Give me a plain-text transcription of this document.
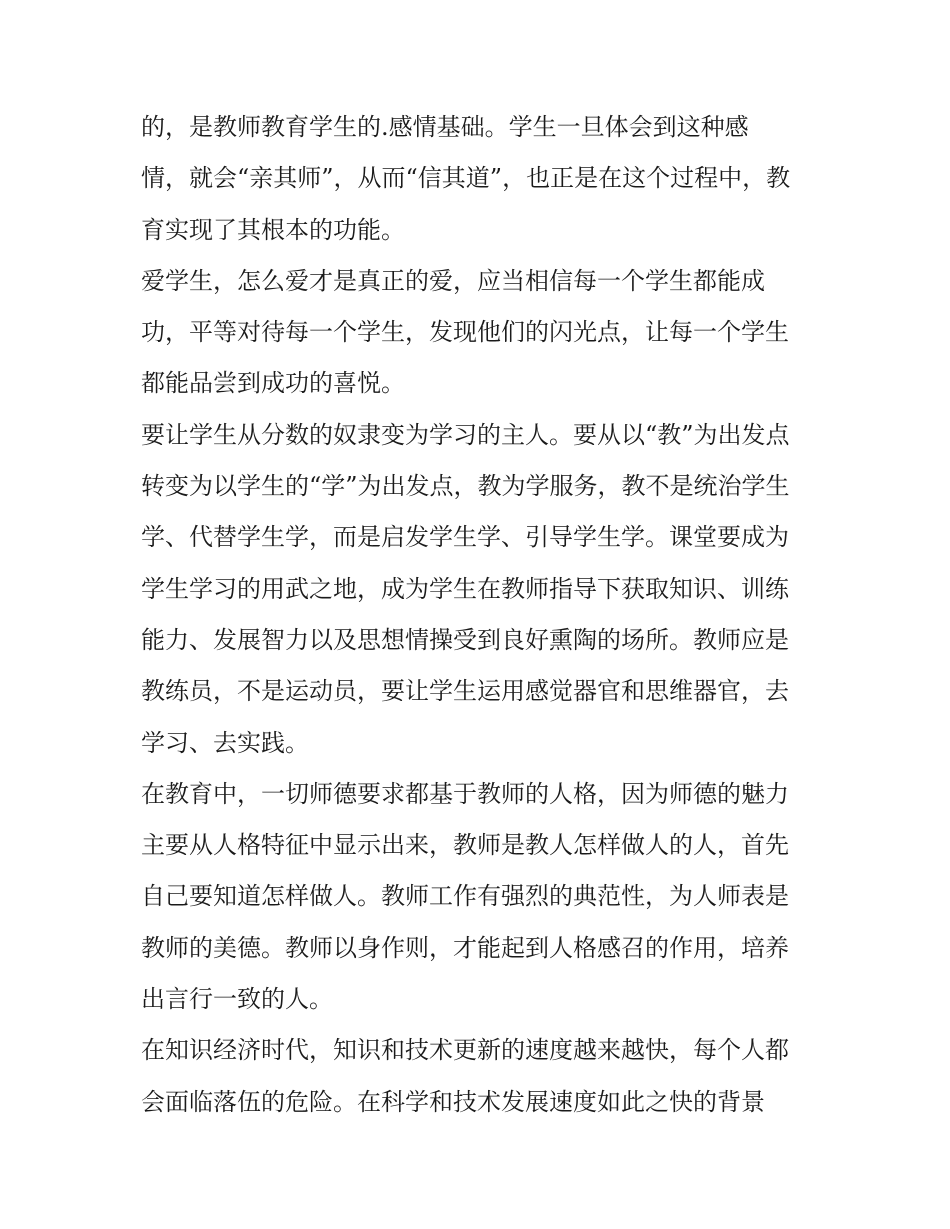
的，是教师教育学生的.感情基础。学生一旦体会到这种感
情，就会“亲其师”，从而“信其道”，也正是在这个过程中，教
育实现了其根本的功能。
爱学生，怎么爱才是真正的爱，应当相信每一个学生都能成
功，平等对待每一个学生，发现他们的闪光点，让每一个学生
都能品尝到成功的喜悦。
要让学生从分数的奴隶变为学习的主人。要从以“教”为出发点
转变为以学生的“学”为出发点，教为学服务，教不是统治学生
学、代替学生学，而是启发学生学、引导学生学。课堂要成为
学生学习的用武之地，成为学生在教师指导下获取知识、训练
能力、发展智力以及思想情操受到良好熏陶的场所。教师应是
教练员，不是运动员，要让学生运用感觉器官和思维器官，去
学习、去实践。
在教育中，一切师德要求都基于教师的人格，因为师德的魅力
主要从人格特征中显示出来，教师是教人怎样做人的人，首先
自己要知道怎样做人。教师工作有强烈的典范性，为人师表是
教师的美德。教师以身作则，才能起到人格感召的作用，培养
出言行一致的人。
在知识经济时代，知识和技术更新的速度越来越快，每个人都
会面临落伍的危险。在科学和技术发展速度如此之快的背景
